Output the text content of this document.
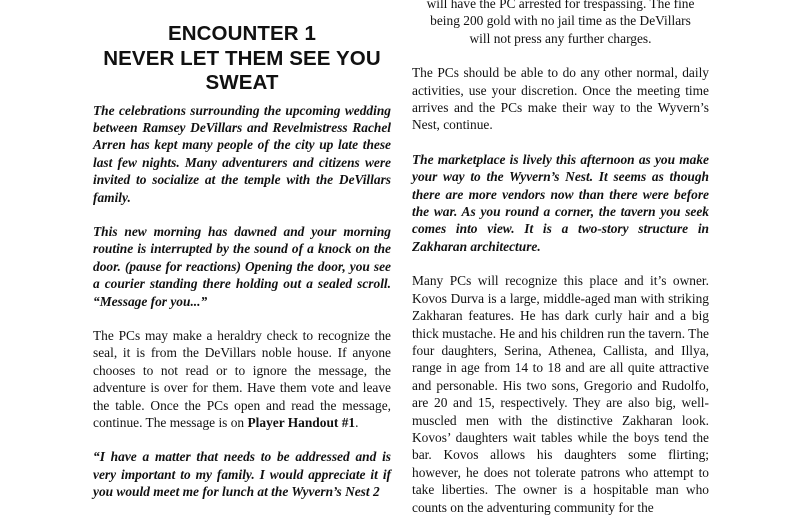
ENCOUNTER 1
NEVER LET THEM SEE YOU
SWEAT

The celebrations surrounding the upcoming wedding between Ramsey DeVillars and Revelmistress Rachel Arren has kept many people of the city up late these last few nights. Many adventurers and citizens were invited to socialize at the temple with the DeVillars family.

This new morning has dawned and your morning routine is interrupted by the sound of a knock on the door. (pause for reactions) Opening the door, you see a courier standing there holding out a sealed scroll. “Message for you...”

The PCs may make a heraldry check to recognize the seal, it is from the DeVillars noble house. If anyone chooses to not read or to ignore the message, the adventure is over for them. Have them vote and leave the table. Once the PCs open and read the message, continue. The message is on Player Handout #1.

“I have a matter that needs to be addressed and is very important to my family. I would appreciate it if you would meet me for lunch at the Wyvern’s Nest 2

will have the PC arrested for trespassing. The fine

being 200 gold with no jail time as the DeVillars

will not press any further charges.

The PCs should be able to do any other normal, daily activities, use your discretion. Once the meeting time arrives and the PCs make their way to the Wyvern’s Nest, continue.

The marketplace is lively this afternoon as you make your way to the Wyvern’s Nest. It seems as though there are more vendors now than there were before the war. As you round a corner, the tavern you seek comes into view. It is a two-story structure in Zakharan architecture.

Many PCs will recognize this place and it’s owner. Kovos Durva is a large, middle-aged man with striking Zakharan features. He has dark curly hair and a big thick mustache. He and his children run the tavern. The four daughters, Serina, Athenea, Callista, and Illya, range in age from 14 to 18 and are all quite attractive and personable. His two sons, Gregorio and Rudolfo, are 20 and 15, respectively. They are also big, well-muscled men with the distinctive Zakharan look. Kovos’ daughters wait tables while the boys tend the bar. Kovos allows his daughters some flirting; however, he does not tolerate patrons who attempt to take liberties. The owner is a hospitable man who counts on the adventuring community for the
